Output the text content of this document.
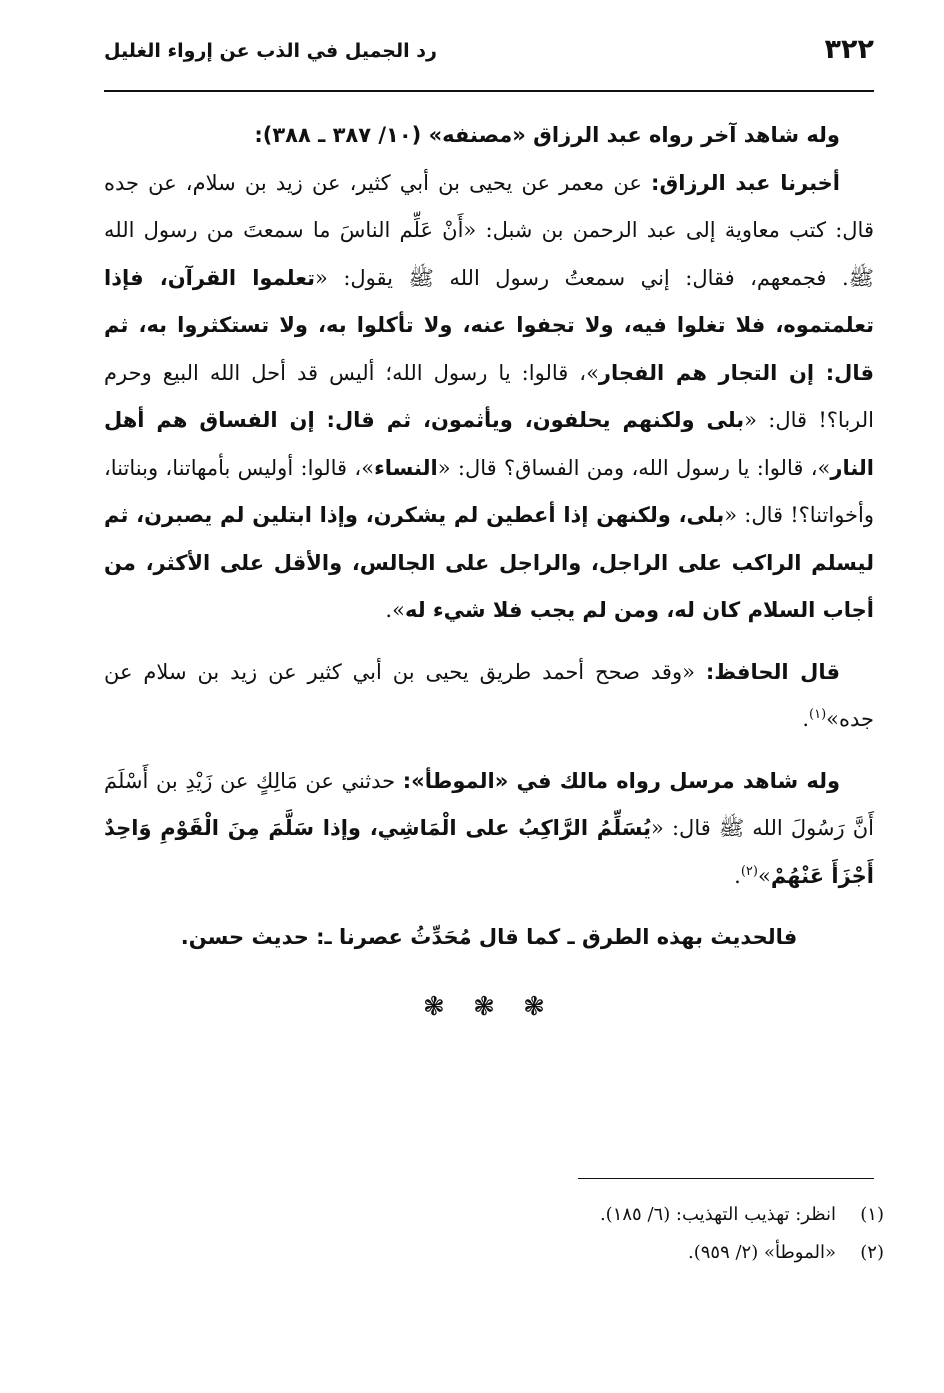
٣٢٢
رد الجميل في الذب عن إرواء الغليل

وله شاهد آخر رواه عبد الرزاق «مصنفه» (١٠/ ٣٨٧ ـ ٣٨٨):

أخبرنا عبد الرزاق: عن معمر عن يحيى بن أبي كثير، عن زيد بن سلام، عن جده قال: كتب معاوية إلى عبد الرحمن بن شبل: «أَنْ عَلِّم الناسَ ما سمعتَ من رسول الله ﷺ. فجمعهم، فقال: إني سمعتُ رسول الله ﷺ يقول: «تعلموا القرآن، فإذا تعلمتموه، فلا تغلوا فيه، ولا تجفوا عنه، ولا تأكلوا به، ولا تستكثروا به، ثم قال: إن التجار هم الفجار»، قالوا: يا رسول الله؛ أليس قد أحل الله البيع وحرم الربا؟! قال: «بلى ولكنهم يحلفون، ويأثمون، ثم قال: إن الفساق هم أهل النار»، قالوا: يا رسول الله، ومن الفساق؟ قال: «النساء»، قالوا: أوليس بأمهاتنا، وبناتنا، وأخواتنا؟! قال: «بلى، ولكنهن إذا أعطين لم يشكرن، وإذا ابتلين لم يصبرن، ثم ليسلم الراكب على الراجل، والراجل على الجالس، والأقل على الأكثر، من أجاب السلام كان له، ومن لم يجب فلا شيء له».

قال الحافظ: «وقد صحح أحمد طريق يحيى بن أبي كثير عن زيد بن سلام عن جده»$^{(١)}$.

وله شاهد مرسل رواه مالك في «الموطأ»: حدثني عن مَالِكٍ عن زَيْدِ بن أَسْلَمَ أَنَّ رَسُولَ الله ﷺ قال: «يُسَلِّمُ الرَّاكِبُ على الْمَاشِي، وإذا سَلَّمَ مِنَ الْقَوْمِ وَاحِدٌ أَجْزَأَ عَنْهُمْ»$^{(٢)}$.

فالحديث بهذه الطرق ـ كما قال مُحَدِّثُ عصرنا ـ: حديث حسن.

❃ ❃ ❃

(١)
انظر: تهذيب التهذيب: (٦/ ١٨٥).
(٢)
«الموطأ» (٢/ ٩٥٩).
